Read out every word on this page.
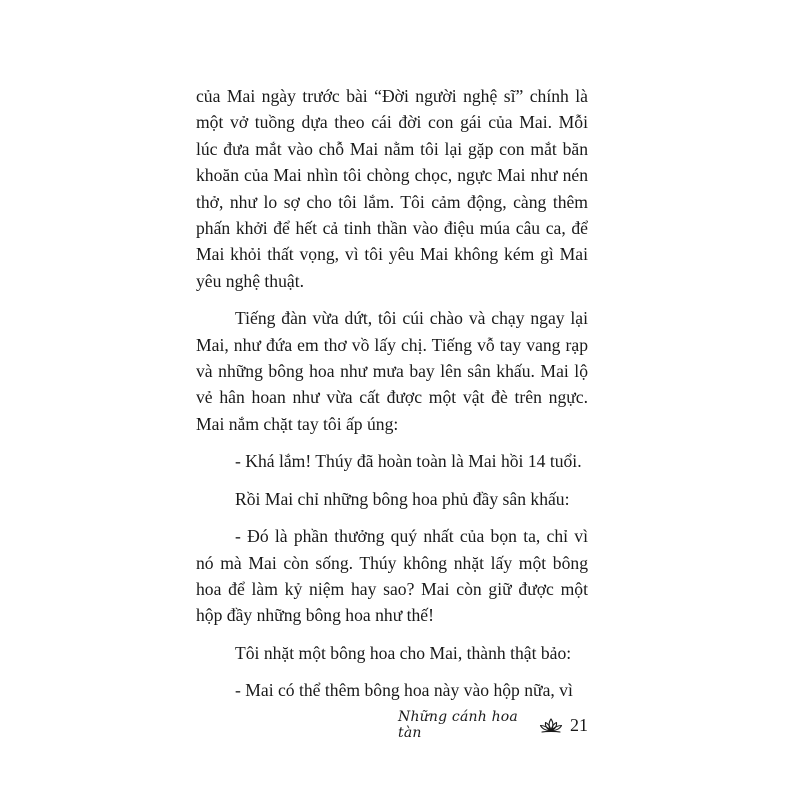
của Mai ngày trước bài “Đời người nghệ sĩ” chính là một vở tuồng dựa theo cái đời con gái của Mai. Mỗi lúc đưa mắt vào chỗ Mai nằm tôi lại gặp con mắt băn khoăn của Mai nhìn tôi chòng chọc, ngực Mai như nén thở, như lo sợ cho tôi lắm. Tôi cảm động, càng thêm phấn khởi để hết cả tinh thần vào điệu múa câu ca, để Mai khỏi thất vọng, vì tôi yêu Mai không kém gì Mai yêu nghệ thuật.

Tiếng đàn vừa dứt, tôi cúi chào và chạy ngay lại Mai, như đứa em thơ vồ lấy chị. Tiếng vỗ tay vang rạp và những bông hoa như mưa bay lên sân khấu. Mai lộ vẻ hân hoan như vừa cất được một vật đè trên ngực. Mai nắm chặt tay tôi ấp úng:

- Khá lắm! Thúy đã hoàn toàn là Mai hồi 14 tuổi.

Rồi Mai chỉ những bông hoa phủ đầy sân khấu:

- Đó là phần thưởng quý nhất của bọn ta, chỉ vì nó mà Mai còn sống. Thúy không nhặt lấy một bông hoa để làm kỷ niệm hay sao? Mai còn giữ được một hộp đầy những bông hoa như thế!

Tôi nhặt một bông hoa cho Mai, thành thật bảo:

- Mai có thể thêm bông hoa này vào hộp nữa, vì

Những cánh hoa tàn	21
